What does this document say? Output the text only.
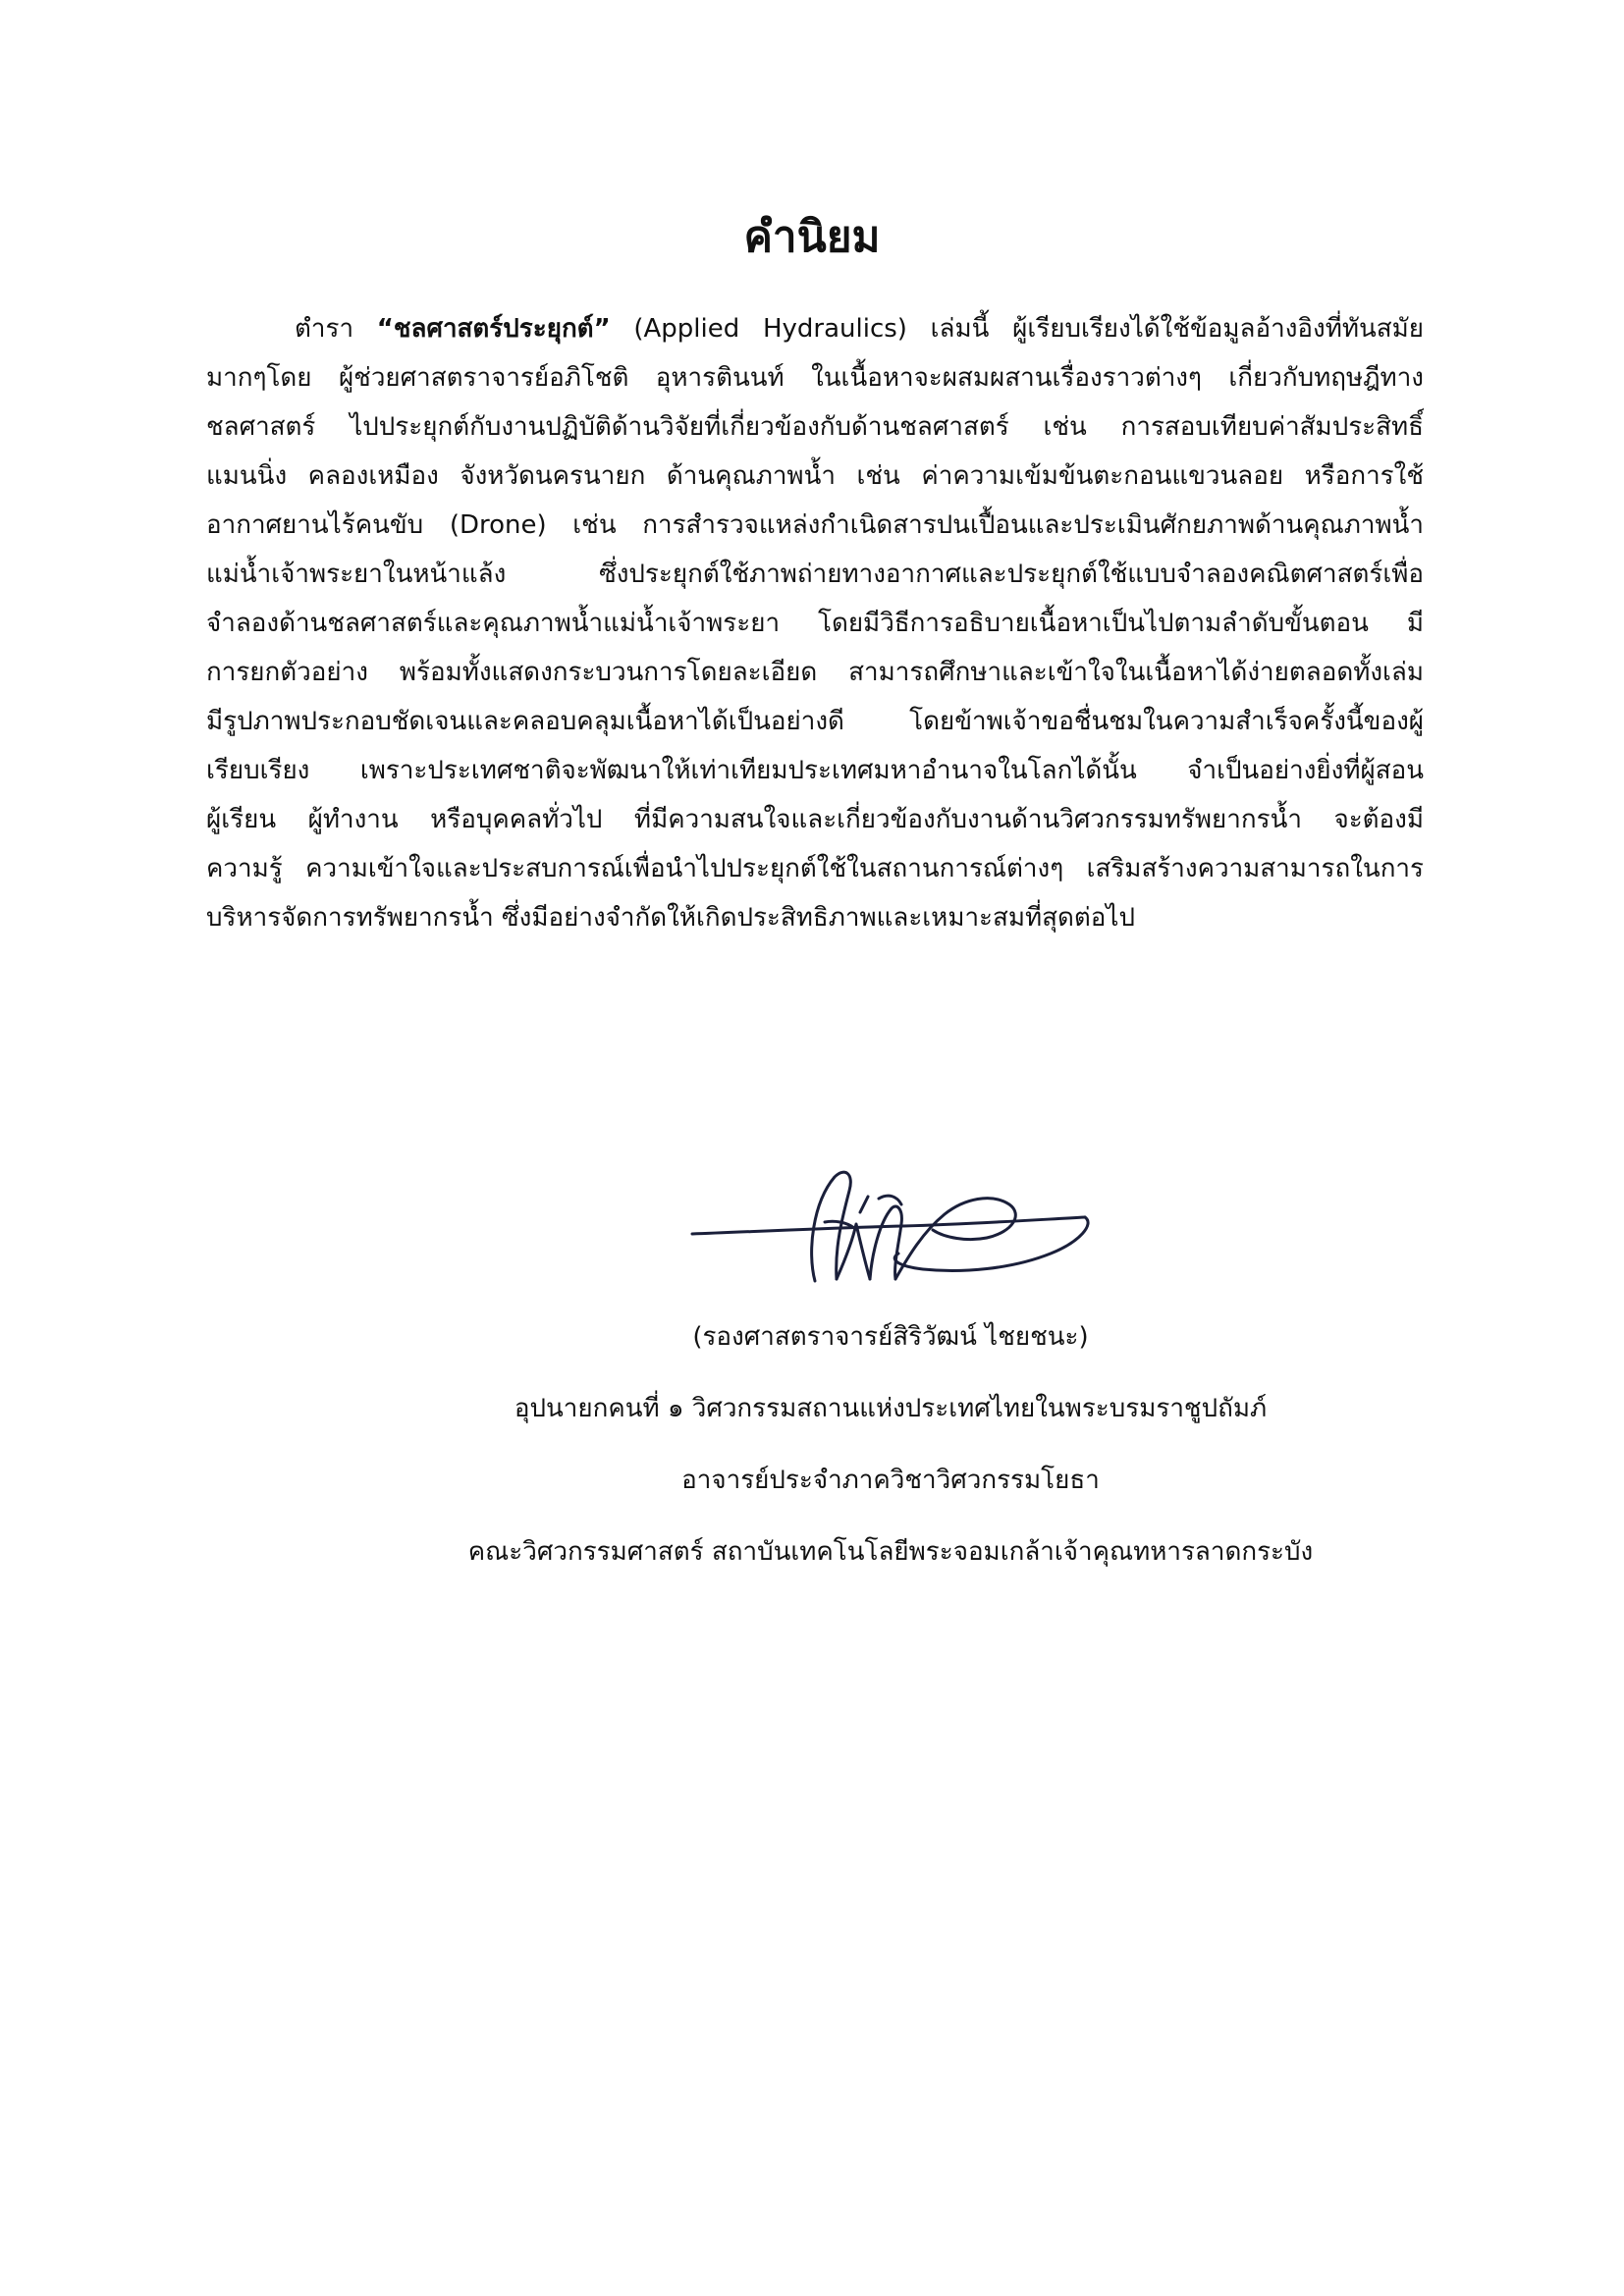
คำนิยม
ตำรา “ชลศาสตร์ประยุกต์” (Applied Hydraulics) เล่มนี้ ผู้เรียบเรียงได้ใช้ข้อมูลอ้างอิงที่ทันสมัย
มากๆโดย ผู้ช่วยศาสตราจารย์อภิโชติ อุหารตินนท์ ในเนื้อหาจะผสมผสานเรื่องราวต่างๆ เกี่ยวกับทฤษฎีทาง
ชลศาสตร์ ไปประยุกต์กับงานปฏิบัติด้านวิจัยที่เกี่ยวข้องกับด้านชลศาสตร์ เช่น การสอบเทียบค่าสัมประสิทธิ์
แมนนิ่ง คลองเหมือง จังหวัดนครนายก ด้านคุณภาพน้ำ เช่น ค่าความเข้มข้นตะกอนแขวนลอย หรือการใช้
อากาศยานไร้คนขับ (Drone) เช่น การสำรวจแหล่งกำเนิดสารปนเปื้อนและประเมินศักยภาพด้านคุณภาพน้ำ
แม่น้ำเจ้าพระยาในหน้าแล้ง ซึ่งประยุกต์ใช้ภาพถ่ายทางอากาศและประยุกต์ใช้แบบจำลองคณิตศาสตร์เพื่อ
จำลองด้านชลศาสตร์และคุณภาพน้ำแม่น้ำเจ้าพระยา โดยมีวิธีการอธิบายเนื้อหาเป็นไปตามลำดับขั้นตอน มี
การยกตัวอย่าง พร้อมทั้งแสดงกระบวนการโดยละเอียด สามารถศึกษาและเข้าใจในเนื้อหาได้ง่ายตลอดทั้งเล่ม
มีรูปภาพประกอบชัดเจนและคลอบคลุมเนื้อหาได้เป็นอย่างดี โดยข้าพเจ้าขอชื่นชมในความสำเร็จครั้งนี้ของผู้
เรียบเรียง เพราะประเทศชาติจะพัฒนาให้เท่าเทียมประเทศมหาอำนาจในโลกได้นั้น จำเป็นอย่างยิ่งที่ผู้สอน
ผู้เรียน ผู้ทำงาน หรือบุคคลทั่วไป ที่มีความสนใจและเกี่ยวข้องกับงานด้านวิศวกรรมทรัพยากรน้ำ จะต้องมี
ความรู้ ความเข้าใจและประสบการณ์เพื่อนำไปประยุกต์ใช้ในสถานการณ์ต่างๆ เสริมสร้างความสามารถในการ
บริหารจัดการทรัพยากรน้ำ ซึ่งมีอย่างจำกัดให้เกิดประสิทธิภาพและเหมาะสมที่สุดต่อไป
(รองศาสตราจารย์สิริวัฒน์ ไชยชนะ)
อุปนายกคนที่ ๑ วิศวกรรมสถานแห่งประเทศไทยในพระบรมราชูปถัมภ์
อาจารย์ประจำภาควิชาวิศวกรรมโยธา
คณะวิศวกรรมศาสตร์ สถาบันเทคโนโลยีพระจอมเกล้าเจ้าคุณทหารลาดกระบัง
